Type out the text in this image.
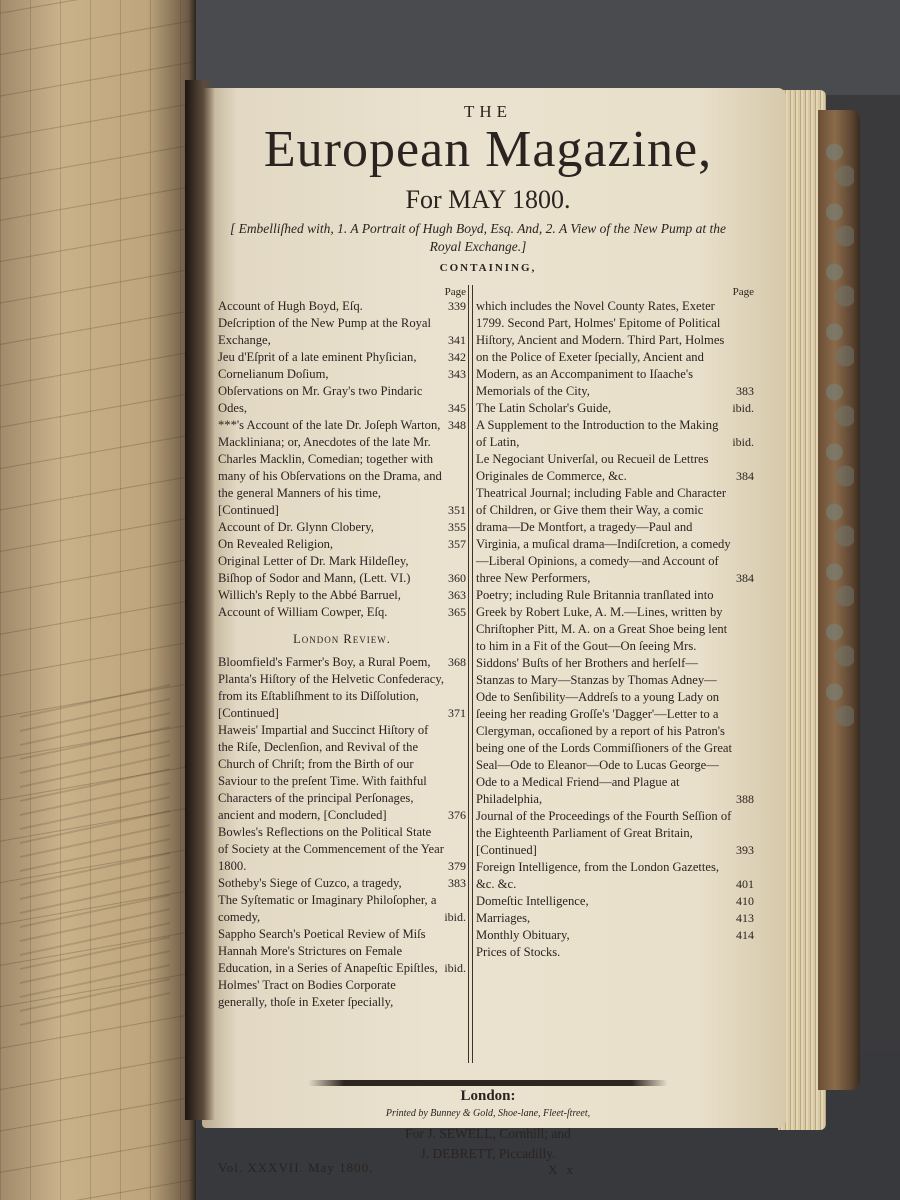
THE
European Magazine,
For MAY 1800.
[ Embelliſhed with, 1. A Portrait of Hugh Boyd, Esq. And, 2. A View of the New Pump at the Royal Exchange.]
CONTAINING,
Page
Account of Hugh Boyd, Eſq.	339
Deſcription of the New Pump at the Royal Exchange,	341
Jeu d'Eſprit of a late eminent Phyſician,	342
Cornelianum Doſium,	343
Obſervations on Mr. Gray's two Pindaric Odes,	345
***'s Account of the late Dr. Joſeph Warton, 348
Mackliniana; or, Anecdotes of the late Mr. Charles Macklin, Comedian; together with many of his Obſervations on the Drama, and the general Manners of his time, [Continued]	351
Account of Dr. Glynn Clobery,	355
On Revealed Religion,	357
Original Letter of Dr. Mark Hildeſley, Biſhop of Sodor and Mann, (Lett. VI.)	360
Willich's Reply to the Abbé Barruel,	363
Account of William Cowper, Eſq.	365
London Review.
Bloomfield's Farmer's Boy, a Rural Poem,	368
Planta's Hiſtory of the Helvetic Confederacy, from its Eſtabliſhment to its Diſſolution, [Continued]	371
Haweis' Impartial and Succinct Hiſtory of the Riſe, Declenſion, and Revival of the Church of Chriſt; from the Birth of our Saviour to the preſent Time. With faithful Characters of the principal Perſonages, ancient and modern, [Concluded]	376
Bowles's Reflections on the Political State of Society at the Commencement of the Year 1800.	379
Sotheby's Siege of Cuzco, a tragedy,	383
The Syſtematic or Imaginary Philoſopher, a comedy,	ibid.
Sappho Search's Poetical Review of Miſs Hannah More's Strictures on Female Education, in a Series of Anapeſtic Epiſtles, ibid.
Holmes' Tract on Bodies Corporate generally, thoſe in Exeter ſpecially,
Page
which includes the Novel County Rates, Exeter 1799. Second Part, Holmes' Epitome of Political Hiſtory, Ancient and Modern. Third Part, Holmes on the Police of Exeter ſpecially, Ancient and Modern, as an Accompaniment to Iſaache's Memorials of the City,	383
The Latin Scholar's Guide,	ibid.
A Supplement to the Introduction to the Making of Latin,	ibid.
Le Negociant Univerſal, ou Recueil de Lettres Originales de Commerce, &c.	384
Theatrical Journal; including Fable and Character of Children, or Give them their Way, a comic drama—De Montfort, a tragedy—Paul and Virginia, a muſical drama—Indiſcretion, a comedy—Liberal Opinions, a comedy—and Account of three New Performers,	384
Poetry; including Rule Britannia tranſlated into Greek by Robert Luke, A. M.—Lines, written by Chriſtopher Pitt, M. A. on a Great Shoe being lent to him in a Fit of the Gout—On ſeeing Mrs. Siddons' Buſts of her Brothers and herſelf—Stanzas to Mary—Stanzas by Thomas Adney—Ode to Senſibility—Addreſs to a young Lady on ſeeing her reading Groſſe's 'Dagger'—Letter to a Clergyman, occaſioned by a report of his Patron's being one of the Lords Commiſſioners of the Great Seal—Ode to Eleanor—Ode to Lucas George—Ode to a Medical Friend—and Plague at Philadelphia,	388
Journal of the Proceedings of the Fourth Seſſion of the Eighteenth Parliament of Great Britain, [Continued]	393
Foreign Intelligence, from the London Gazettes, &c. &c.	401
Domeſtic Intelligence,	410
Marriages,	413
Monthly Obituary,	414
Prices of Stocks.
London:
Printed by Bunney & Gold, Shoe-lane, Fleet-ſtreet,
For J. SEWELL, Cornhill; and
J. DEBRETT, Piccadilly.
Vol. XXXVII. May 1800.	X x
